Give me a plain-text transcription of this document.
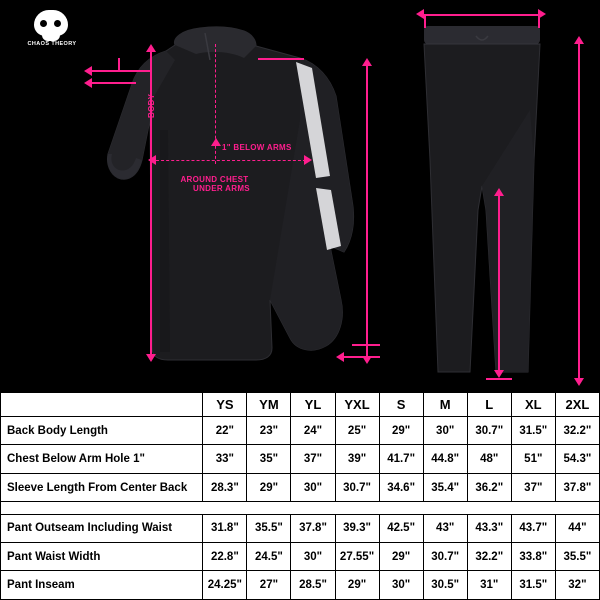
CHAOS THEORY
BODY
1" BELOW ARMS
AROUND CHEST
UNDER ARMS
	YS	YM	YL	YXL	S	M	L	XL	2XL
Back Body Length	22"	23"	24"	25"	29"	30"	30.7"	31.5"	32.2"
Chest Below Arm Hole 1"	33"	35"	37"	39"	41.7"	44.8"	48"	51"	54.3"
Sleeve Length From Center Back	28.3"	29"	30"	30.7"	34.6"	35.4"	36.2"	37"	37.8"

Pant Outseam Including Waist	31.8"	35.5"	37.8"	39.3"	42.5"	43"	43.3"	43.7"	44"
Pant Waist Width	22.8"	24.5"	30"	27.55"	29"	30.7"	32.2"	33.8"	35.5"
Pant Inseam	24.25"	27"	28.5"	29"	30"	30.5"	31"	31.5"	32"
